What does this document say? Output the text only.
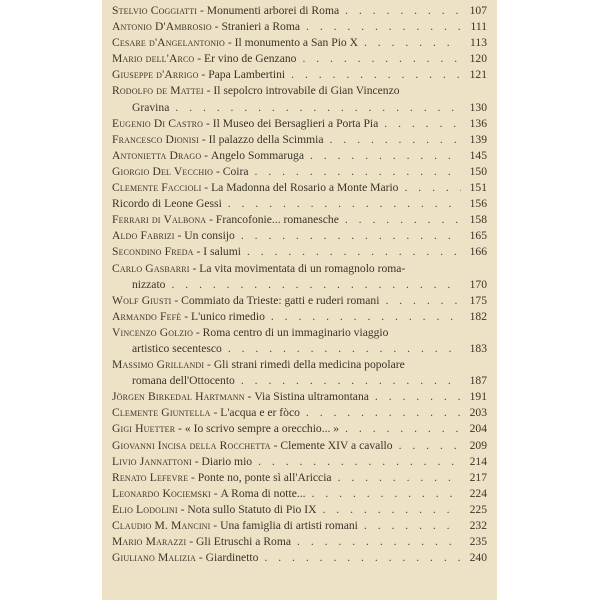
Stelvio Coggiatti - Monumenti arborei di Roma . . .	107
Antonio D'Ambrosio - Stranieri a Roma . . .	111
Cesare d'Angelantonio - Il monumento a San Pio X . . .	113
Mario dell'Arco - Er vino de Genzano . . .	120
Giuseppe d'Arrigo - Papa Lambertini . . .	121
Rodolfo de Mattei - Il sepolcro introvabile di Gian Vincenzo
Gravina . . .	130
Eugenio Di Castro - Il Museo dei Bersaglieri a Porta Pia . . .	136
Francesco Dionisi - Il palazzo della Scimmia . . .	139
Antonietta Drago - Angelo Sommaruga . . .	145
Giorgio Del Vecchio - Coira . . .	150
Clemente Faccioli - La Madonna del Rosario a Monte Mario . . .	151
Ricordo di Leone Gessi . . .	156
Ferrari di Valbona - Francofonie... romanesche . . .	158
Aldo Fabrizi - Un consijo . . .	165
Secondino Freda - I salumi . . .	166
Carlo Gasbarri - La vita movimentata di un romagnolo roma-
nizzato . . .	170
Wolf Giusti - Commiato da Trieste: gatti e ruderi romani . . .	175
Armando Fefè - L'unico rimedio . . .	182
Vincenzo Golzio - Roma centro di un immaginario viaggio
artistico secentesco . . .	183
Massimo Grillandi - Gli strani rimedi della medicina popolare
romana dell'Ottocento . . .	187
Jörgen Birkedal Hartmann - Via Sistina ultramontana . . .	191
Clemente Giuntella - L'acqua e er fòco . . .	203
Gigi Huetter - « Io scrivo sempre a orecchio... » . . .	204
Giovanni Incisa della Rocchetta - Clemente XIV a cavallo . . .	209
Livio Jannattoni - Diario mio . . .	214
Renato Lefevre - Ponte no, ponte sì all'Ariccia . . .	217
Leonardo Kociemski - A Roma di notte... . . .	224
Elio Lodolini - Nota sullo Statuto di Pio IX . . .	225
Claudio M. Mancini - Una famiglia di artisti romani . . .	232
Mario Marazzi - Gli Etruschi a Roma . . .	235
Giuliano Malizia - Giardinetto . . .	240
